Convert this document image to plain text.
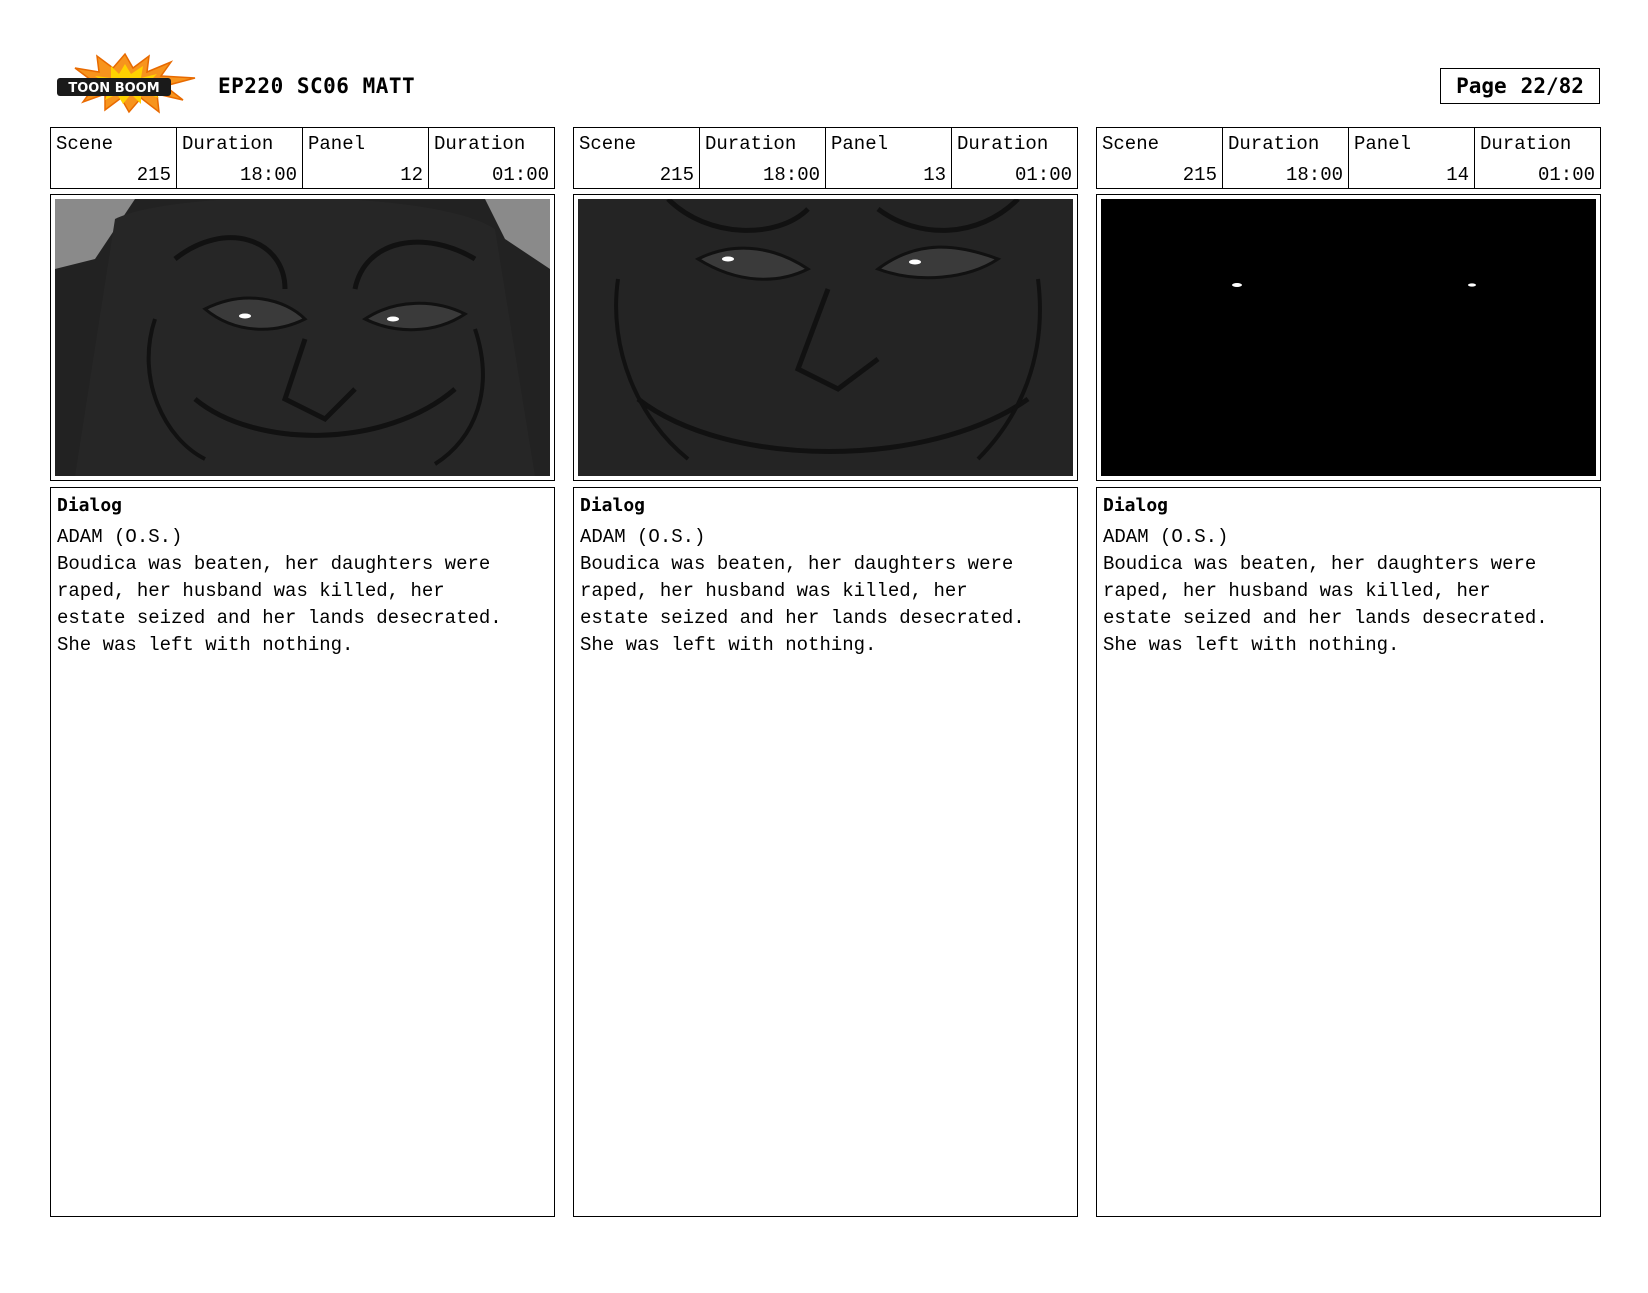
TOON BOOM	EP220 SC06 MATT	Page 22/82
Scene
215
Duration
18:00
Panel
12
Duration
01:00
Dialog
ADAM (O.S.)
Boudica was beaten, her daughters were
raped, her husband was killed, her
estate seized and her lands desecrated.
She was left with nothing.
Scene
215
Duration
18:00
Panel
13
Duration
01:00
Dialog
ADAM (O.S.)
Boudica was beaten, her daughters were
raped, her husband was killed, her
estate seized and her lands desecrated.
She was left with nothing.
Scene
215
Duration
18:00
Panel
14
Duration
01:00
Dialog
ADAM (O.S.)
Boudica was beaten, her daughters were
raped, her husband was killed, her
estate seized and her lands desecrated.
She was left with nothing.
